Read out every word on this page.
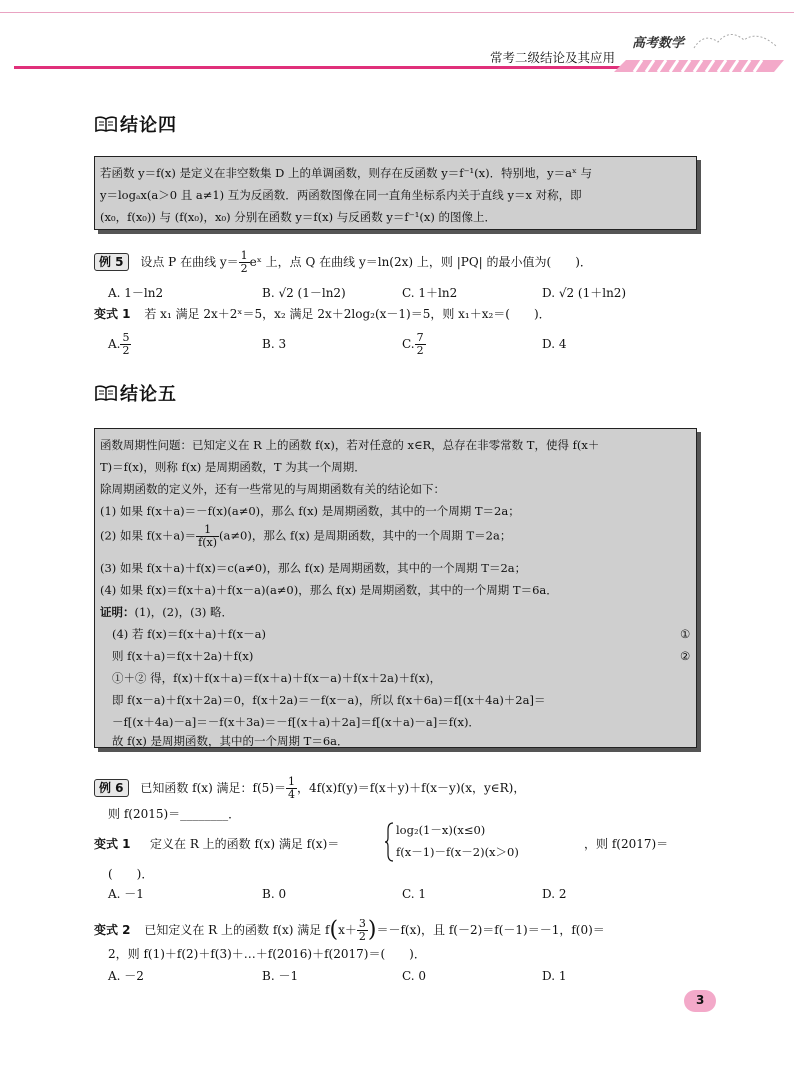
高考数学
常考二级结论及其应用
结论四
若函数 y＝f(x) 是定义在非空数集 D 上的单调函数，则存在反函数 y＝f⁻¹(x)．特别地，y＝aˣ 与
y＝logₐx(a＞0 且 a≠1) 互为反函数．两函数图像在同一直角坐标系内关于直线 y＝x 对称，即
(x₀，f(x₀)) 与 (f(x₀)，x₀) 分别在函数 y＝f(x) 与反函数 y＝f⁻¹(x) 的图像上．
例 5 设点 P 在曲线 $y= \frac{1}{2}$ eˣ 上，点 Q 在曲线 y＝ln(2x) 上，则 |PQ| 的最小值为(　　)．
A. 1－ln2	B. √2 (1－ln2)	C. 1＋ln2	D. √2 (1＋ln2)
变式 1 若 x₁ 满足 2x＋2ˣ＝5，x₂ 满足 2x＋2log₂(x－1)＝5，则 x₁＋x₂＝(　　)．
A. $\frac{5}{2}$	B. 3	C. $\frac{7}{2}$	D. 4
结论五
函数周期性问题：已知定义在 R 上的函数 f(x)，若对任意的 x∈R，总存在非零常数 T，使得 f(x＋
T)＝f(x)，则称 f(x) 是周期函数，T 为其一个周期．
除周期函数的定义外，还有一些常见的与周期函数有关的结论如下：
(1) 如果 f(x＋a)＝－f(x)(a≠0)，那么 f(x) 是周期函数，其中的一个周期 T＝2a；
(2) 如果 $f(x+a)= \frac{1}{f(x)} (a\ne 0)$，那么 f(x) 是周期函数，其中的一个周期 T＝2a；
(3) 如果 f(x＋a)＋f(x)＝c(a≠0)，那么 f(x) 是周期函数，其中的一个周期 T＝2a；
(4) 如果 f(x)＝f(x＋a)＋f(x－a)(a≠0)，那么 f(x) 是周期函数，其中的一个周期 T＝6a．
证明：(1)，(2)，(3) 略．
(4) 若 f(x)＝f(x＋a)＋f(x－a)	①
则 f(x＋a)＝f(x＋2a)＋f(x)	②
①＋② 得，f(x)＋f(x＋a)＝f(x＋a)＋f(x－a)＋f(x＋2a)＋f(x)，
即 f(x－a)＋f(x＋2a)＝0，f(x＋2a)＝－f(x－a)，所以 f(x＋6a)＝f[(x＋4a)＋2a]＝
－f[(x＋4a)－a]＝－f(x＋3a)＝－f[(x＋a)＋2a]＝f[(x＋a)－a]＝f(x)．
故 f(x) 是周期函数，其中的一个周期 T＝6a．
例 6 已知函数 f(x) 满足：$f(5)= \frac{1}{4}$ ，4f(x)f(y)＝f(x＋y)＋f(x－y)(x，y∈R)，
则 f(2015)＝________．
变式 1 定义在 R 上的函数 f(x) 满足 f(x)＝
log₂(1－x)(x≤0)
f(x－1)－f(x－2)(x＞0)
，则 f(2017)＝
(　　)．
A. －1	B. 0	C. 1	D. 2
变式 2 已知定义在 R 上的函数 f(x) 满足 $f(x+ \frac{3}{2} )=-f(x)$，且 f(－2)＝f(－1)＝－1，f(0)＝
2，则 f(1)＋f(2)＋f(3)＋…＋f(2016)＋f(2017)＝(　　)．
A. －2	B. －1	C. 0	D. 1
3
